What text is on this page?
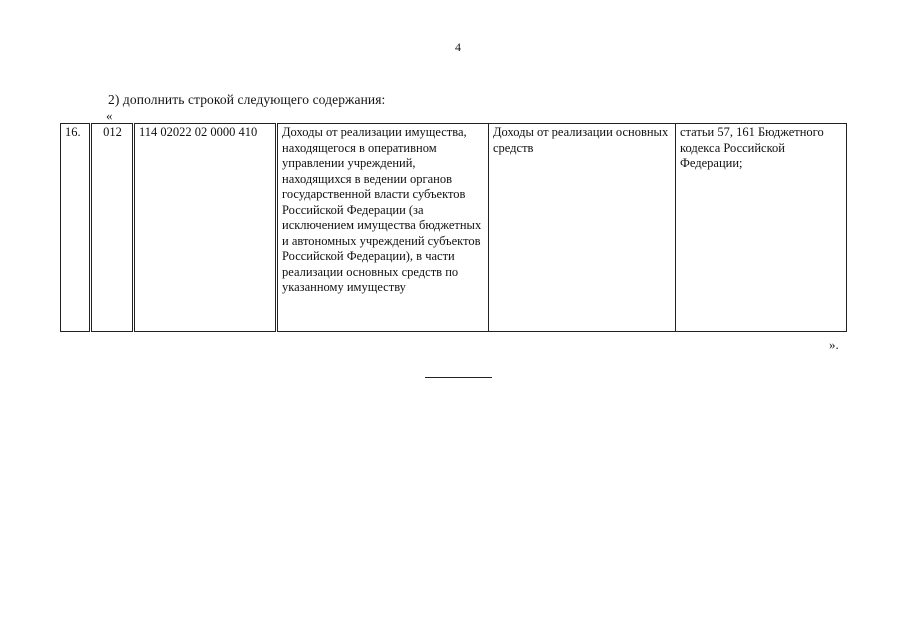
4
2) дополнить строкой следующего содержания:
«
16.	012	114 02022 02 0000 410	Доходы от реализации имущества, находящегося в оперативном управлении учреждений, находящихся в ведении органов государственной власти субъектов Российской Федерации (за исключением имущества бюджетных и автономных учреждений субъектов Российской Федерации), в части реализации основных средств по указанному имуществу	Доходы от реализации основных средств	статьи 57, 161 Бюджетного кодекса Российской Федерации;
».
